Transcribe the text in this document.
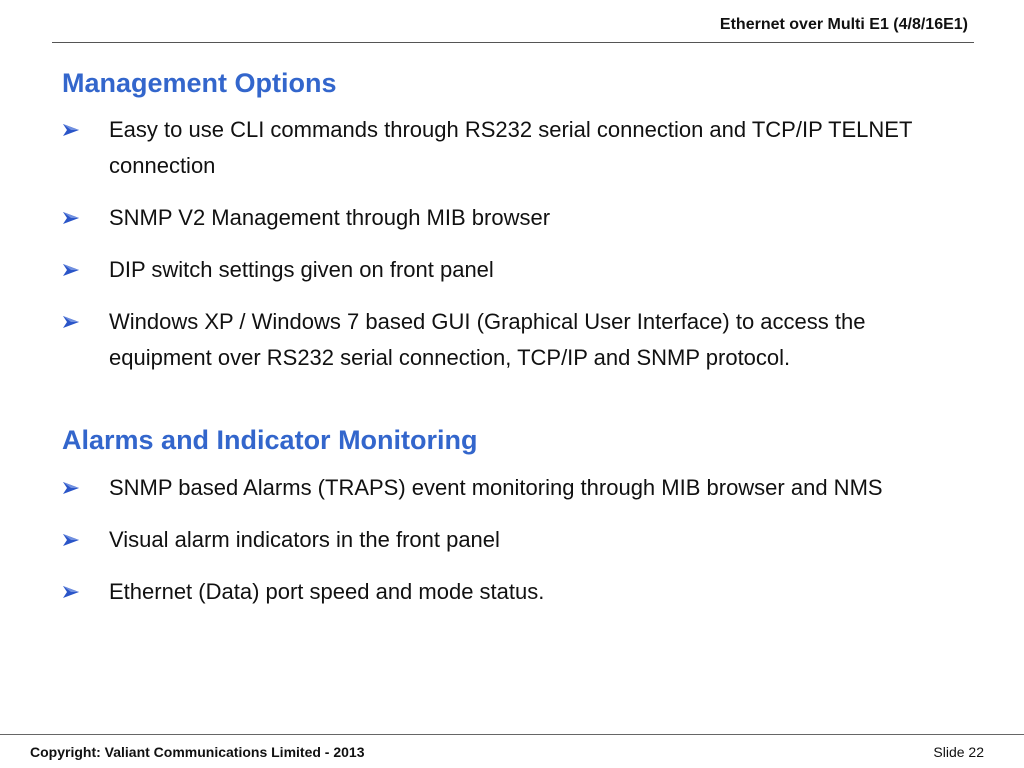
Ethernet over Multi E1 (4/8/16E1)
Management Options
Easy to use CLI commands through RS232 serial connection and TCP/IP TELNET connection
SNMP V2 Management through MIB browser
DIP switch settings given on front panel
Windows XP / Windows 7 based GUI (Graphical User Interface) to access the equipment over RS232 serial connection, TCP/IP and SNMP protocol.
Alarms and Indicator Monitoring
SNMP based Alarms (TRAPS) event monitoring through MIB browser and NMS
Visual alarm indicators in the front panel
Ethernet (Data) port speed and mode status.
Copyright: Valiant Communications Limited - 2013	Slide 22
